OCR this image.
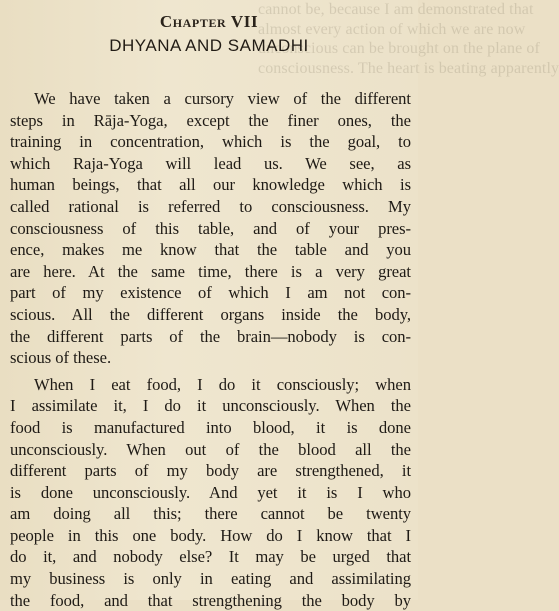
cannot be, because I am demonstrated that
almost every action of which we are now
unconscious can be brought on the plane of
consciousness. The heart is beating apparently
Chapter VII
DHYANA AND SAMADHI

We have taken a cursory view of the different
steps in Rāja-Yoga, except the finer ones, the
training in concentration, which is the goal, to
which Raja-Yoga will lead us. We see, as
human beings, that all our knowledge which is
called rational is referred to consciousness. My
consciousness of this table, and of your pres-
ence, makes me know that the table and you
are here. At the same time, there is a very great
part of my existence of which I am not con-
scious. All the different organs inside the body,
the different parts of the brain—nobody is con-
scious of these.

When I eat food, I do it consciously; when
I assimilate it, I do it unconsciously. When the
food is manufactured into blood, it is done
unconsciously. When out of the blood all the
different parts of my body are strengthened, it
is done unconsciously. And yet it is I who
am doing all this; there cannot be twenty
people in this one body. How do I know that I
do it, and nobody else? It may be urged that
my business is only in eating and assimilating
the food, and that strengthening the body by
